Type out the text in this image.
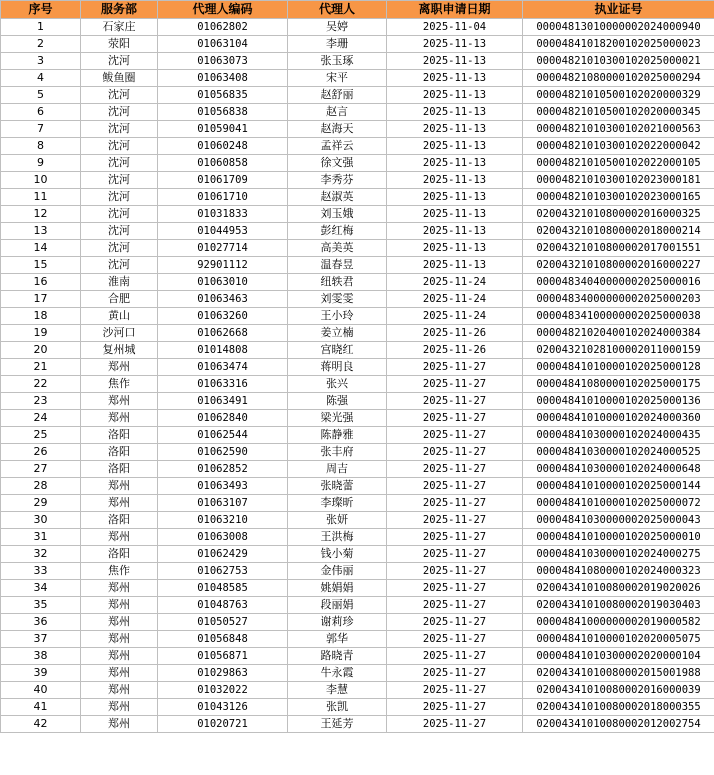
序号	服务部	代理人编码	代理人	离职申请日期	执业证号
1	石家庄	01062802	吴婷	2025-11-04	00004813010000002024000940
2	荥阳	01063104	李珊	2025-11-13	00004841018200102025000023
3	沈河	01063073	张玉琢	2025-11-13	00004821010300102025000021
4	鲅鱼圈	01063408	宋平	2025-11-13	00004821080000102025000294
5	沈河	01056835	赵舒丽	2025-11-13	00004821010500102020000329
6	沈河	01056838	赵言	2025-11-13	00004821010500102020000345
7	沈河	01059041	赵海天	2025-11-13	00004821010300102021000563
8	沈河	01060248	孟祥云	2025-11-13	00004821010300102022000042
9	沈河	01060858	徐文强	2025-11-13	00004821010500102022000105
10	沈河	01061709	李秀芬	2025-11-13	00004821010300102023000181
11	沈河	01061710	赵淑英	2025-11-13	00004821010300102023000165
12	沈河	01031833	刘玉娥	2025-11-13	02004321010800002016000325
13	沈河	01044953	彭红梅	2025-11-13	02004321010800002018000214
14	沈河	01027714	高美英	2025-11-13	02004321010800002017001551
15	沈河	92901112	温春昱	2025-11-13	02004321010800002016000227
16	淮南	01063010	纽轶君	2025-11-24	00004834040000002025000016
17	合肥	01063463	刘雯雯	2025-11-24	00004834000000002025000203
18	黄山	01063260	王小玲	2025-11-24	00004834100000002025000038
19	沙河口	01062668	姜立楠	2025-11-26	00004821020400102024000384
20	复州城	01014808	宫晓红	2025-11-26	02004321028100002011000159
21	郑州	01063474	蒋明良	2025-11-27	00004841010000102025000128
22	焦作	01063316	张兴	2025-11-27	00004841080000102025000175
23	郑州	01063491	陈强	2025-11-27	00004841010000102025000136
24	郑州	01062840	梁光强	2025-11-27	00004841010000102024000360
25	洛阳	01062544	陈静雅	2025-11-27	00004841030000102024000435
26	洛阳	01062590	张丰府	2025-11-27	00004841030000102024000525
27	洛阳	01062852	周吉	2025-11-27	00004841030000102024000648
28	郑州	01063493	张晓蕾	2025-11-27	00004841010000102025000144
29	郑州	01063107	李璨昕	2025-11-27	00004841010000102025000072
30	洛阳	01063210	张妍	2025-11-27	00004841030000002025000043
31	郑州	01063008	王洪梅	2025-11-27	00004841010000102025000010
32	洛阳	01062429	钱小菊	2025-11-27	00004841030000102024000275
33	焦作	01062753	金伟丽	2025-11-27	00004841080000102024000323
34	郑州	01048585	姚娟娟	2025-11-27	02004341010080002019020026
35	郑州	01048763	段丽娟	2025-11-27	02004341010080002019030403
36	郑州	01050527	谢莉珍	2025-11-27	00004841000000002019000582
37	郑州	01056848	郭华	2025-11-27	00004841010000102020005075
38	郑州	01056871	路晓青	2025-11-27	00004841010300002020000104
39	郑州	01029863	牛永霞	2025-11-27	02004341010080002015001988
40	郑州	01032022	李慧	2025-11-27	02004341010080002016000039
41	郑州	01043126	张凯	2025-11-27	02004341010080002018000355
42	郑州	01020721	王延芳	2025-11-27	02004341010080002012002754
